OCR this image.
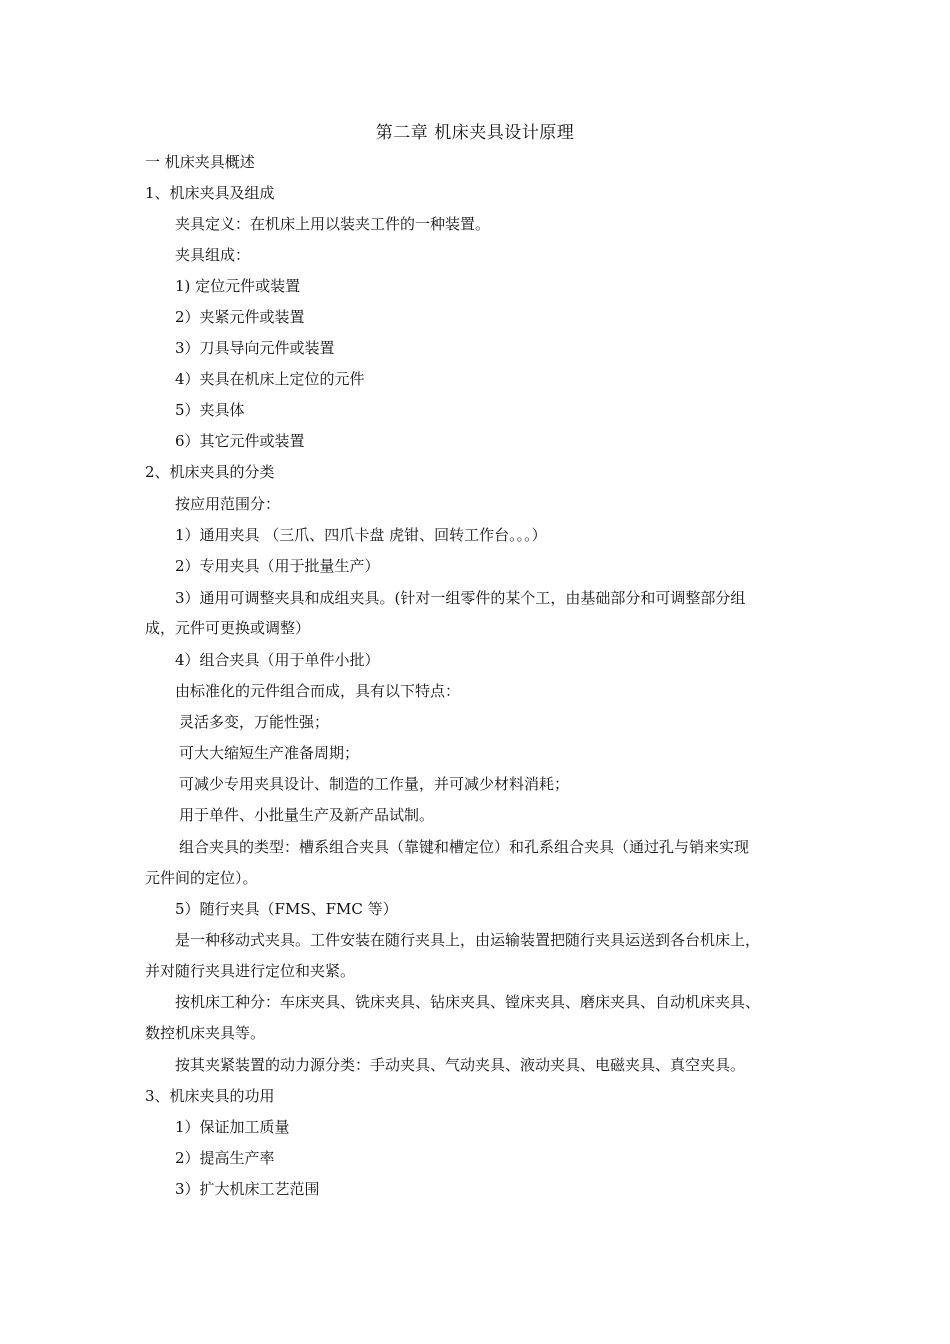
第二章 机床夹具设计原理
一 机床夹具概述
1、机床夹具及组成
夹具定义：在机床上用以装夹工件的一种装置。
夹具组成：
1) 定位元件或装置
2）夹紧元件或装置
3）刀具导向元件或装置
4）夹具在机床上定位的元件
5）夹具体
6）其它元件或装置
2、机床夹具的分类
按应用范围分：
1）通用夹具 （三爪、四爪卡盘 虎钳、回转工作台。。。）
2）专用夹具（用于批量生产）
3）通用可调整夹具和成组夹具。(针对一组零件的某个工，由基础部分和可调整部分组
成，元件可更换或调整）
4）组合夹具（用于单件小批）
由标准化的元件组合而成，具有以下特点：
灵活多变，万能性强；
可大大缩短生产准备周期；
可减少专用夹具设计、制造的工作量，并可减少材料消耗；
用于单件、小批量生产及新产品试制。
组合夹具的类型：槽系组合夹具（靠键和槽定位）和孔系组合夹具（通过孔与销来实现
元件间的定位）。
5）随行夹具（FMS、FMC 等）
是一种移动式夹具。工件安装在随行夹具上，由运输装置把随行夹具运送到各台机床上，
并对随行夹具进行定位和夹紧。
按机床工种分：车床夹具、铣床夹具、钻床夹具、镗床夹具、磨床夹具、自动机床夹具、
数控机床夹具等。
按其夹紧装置的动力源分类：手动夹具、气动夹具、液动夹具、电磁夹具、真空夹具。
3、机床夹具的功用
1）保证加工质量
2）提高生产率
3）扩大机床工艺范围
